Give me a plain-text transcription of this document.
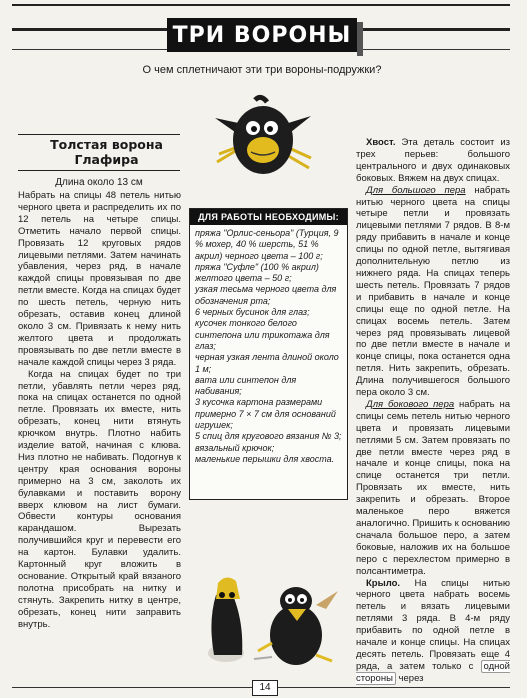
ТРИ ВОРОНЫ
О чем сплетничают эти три вороны-подружки?
Толстая ворона
Глафира
Длина около 13 см

Набрать на спицы 48 петель нитью черного цвета и распределить их по 12 петель на четыре спицы. Отметить начало первой спицы. Провязать 12 круговых рядов лицевыми петлями. Затем начинать убавления, через ряд, в начале каждой спицы провязывая по две петли вместе. Когда на спицах будет по шесть петель, черную нить обрезать, оставив конец длиной около 3 см. Привязать к нему нить желтого цвета и продолжать провязывать по две петли вместе в начале каждой спицы через 3 ряда.

Когда на спицах будет по три петли, убавлять петли через ряд, пока на спицах останется по одной петле. Провязать их вместе, нить обрезать, конец нити втянуть крючком внутрь. Плотно набить изделие ватой, начиная с клюва. Низ плотно не набивать. Подогнув к центру края основания вороны примерно на 3 см, заколоть их булавками и поставить ворону вверх клювом на лист бумаги. Обвести контуры основания карандашом. Вырезать получившийся круг и перевести его на картон. Булавки удалить. Картонный круг вложить в основание. Открытый край вязаного полотна присобрать на нитку и стянуть. Закрепить нитку в центре, обрезать, конец нити заправить внутрь.

ДЛЯ РАБОТЫ НЕОБХОДИМЫ:

пряжа "Орлис-сеньора" (Турция, 9 % мохер, 40 % шерсть, 51 % акрил) черного цвета – 100 г;

пряжа "Суфле" (100 % акрил) желтого цвета – 50 г;

узкая тесьма черного цвета для обозначения рта;

6 черных бусинок для глаз;

кусочек тонкого белого синтепона или трикотажа для глаз;

черная узкая лента длиной около 1 м;

вата или синтепон для набивания;

3 кусочка картона размерами примерно 7 × 7 см для оснований игрушек;

5 спиц для кругового вязания № 3;

вязальный крючок;

маленькие перышки для хвоста.

Хвост. Эта деталь состоит из трех перьев: большого центрального и двух одинаковых боковых. Вяжем на двух спицах.

Для большого пера набрать нитью черного цвета на спицы четыре петли и провязать лицевыми петлями 7 рядов. В 8-м ряду прибавить в начале и конце спицы по одной петле, вытягивая дополнительную петлю из нижнего ряда. На спицах теперь шесть петель. Провязать 7 рядов и прибавить в начале и конце спицы еще по одной петле. На спицах восемь петель. Затем через ряд провязывать лицевой по две петли вместе в начале и конце спицы, пока останется одна петля. Нить закрепить, обрезать. Длина получившегося большого пера около 3 см.

Для бокового пера набрать на спицы семь петель нитью черного цвета и провязать лицевыми петлями 5 см. Затем провязать по две петли вместе через ряд в начале и конце спицы, пока на спице останется три петли. Провязать их вместе, нить закрепить и обрезать. Второе маленькое перо вяжется аналогично. Пришить к основанию сначала большое перо, а затем боковые, наложив их на большое перо с перехлестом примерно в полсантиметра.

Крыло. На спицы нитью черного цвета набрать восемь петель и вязать лицевыми петлями 3 ряда. В 4-м ряду прибавить по одной петле в начале и конце спицы. На спицах десять петель. Провязать еще 4 ряда, а затем только с одной стороны через

14
